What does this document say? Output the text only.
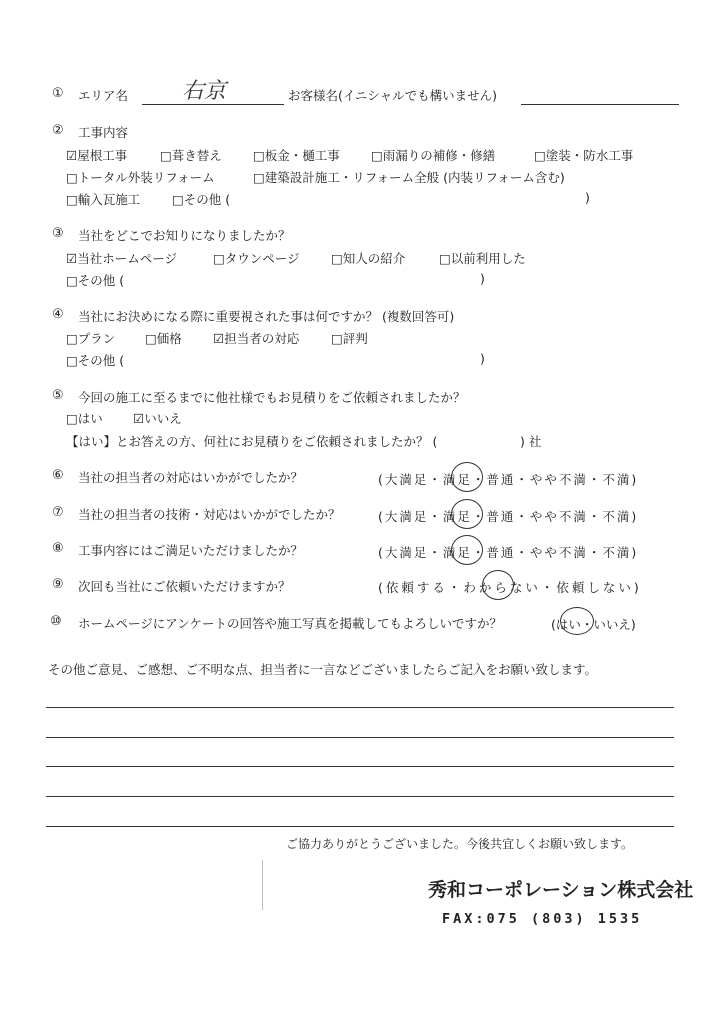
① エリア名 右京	お客様名(イニシャルでも構いません)
② 工事内容
☑屋根工事	□葺き替え □板金・樋工事 □雨漏りの補修・修繕	□塗装・防水工事
□トータル外装リフォーム	□建築設計施工・リフォーム全般 (内装リフォーム含む)
□輸入瓦施工	□その他 (	)
③ 当社をどこでお知りになりましたか？
☑当社ホームページ	□タウンページ	□知人の紹介	□以前利用した
□その他 (	)
④ 当社にお決めになる際に重要視された事は何ですか？ (複数回答可)
□プラン □価格 ☑担当者の対応	□評判
□その他 (	)
⑤ 今回の施工に至るまでに他社様でもお見積りをご依頼されましたか？
□はい ☑いいえ
【はい】とお答えの方、何社にお見積りをご依頼されましたか？ (	) 社
⑥ 当社の担当者の対応はいかがでしたか？	(大満足・満足・普通・やや不満・不満)
⑦ 当社の担当者の技術・対応はいかがでしたか？	(大満足・満足・普通・やや不満・不満)
⑧ 工事内容にはご満足いただけましたか？	(大満足・満足・普通・やや不満・不満)
⑨ 次回も当社にご依頼いただけますか？	(依頼する・わからない・依頼しない)
⑩ ホームページにアンケートの回答や施工写真を掲載してもよろしいですか？	(はい・いいえ)
その他ご意見、ご感想、ご不明な点、担当者に一言などございましたらご記入をお願い致します。
ご協力ありがとうございました。今後共宜しくお願い致します。
秀和コーポレーション株式会社
FAX:075 (803) 1535
